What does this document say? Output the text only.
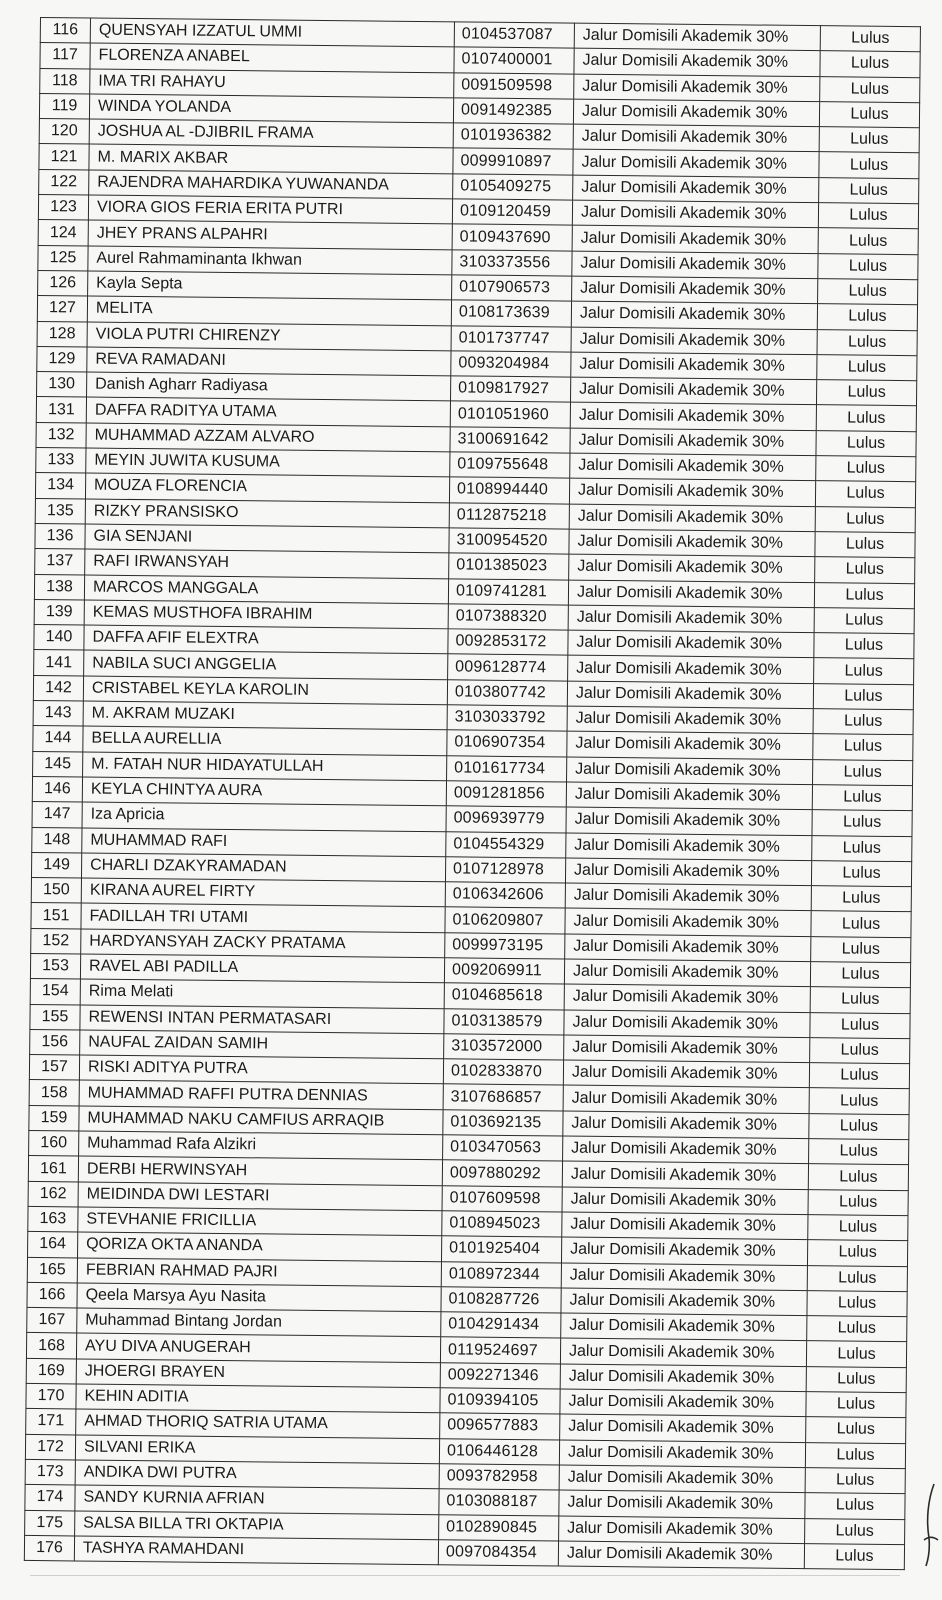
116	QUENSYAH IZZATUL UMMI	0104537087	Jalur Domisili Akademik 30%	Lulus
117	FLORENZA ANABEL	0107400001	Jalur Domisili Akademik 30%	Lulus
118	IMA TRI RAHAYU	0091509598	Jalur Domisili Akademik 30%	Lulus
119	WINDA YOLANDA	0091492385	Jalur Domisili Akademik 30%	Lulus
120	JOSHUA AL -DJIBRIL FRAMA	0101936382	Jalur Domisili Akademik 30%	Lulus
121	M. MARIX AKBAR	0099910897	Jalur Domisili Akademik 30%	Lulus
122	RAJENDRA MAHARDIKA YUWANANDA	0105409275	Jalur Domisili Akademik 30%	Lulus
123	VIORA GIOS FERIA ERITA PUTRI	0109120459	Jalur Domisili Akademik 30%	Lulus
124	JHEY PRANS ALPAHRI	0109437690	Jalur Domisili Akademik 30%	Lulus
125	Aurel Rahmaminanta Ikhwan	3103373556	Jalur Domisili Akademik 30%	Lulus
126	Kayla Septa	0107906573	Jalur Domisili Akademik 30%	Lulus
127	MELITA	0108173639	Jalur Domisili Akademik 30%	Lulus
128	VIOLA PUTRI CHIRENZY	0101737747	Jalur Domisili Akademik 30%	Lulus
129	REVA RAMADANI	0093204984	Jalur Domisili Akademik 30%	Lulus
130	Danish Agharr Radiyasa	0109817927	Jalur Domisili Akademik 30%	Lulus
131	DAFFA RADITYA UTAMA	0101051960	Jalur Domisili Akademik 30%	Lulus
132	MUHAMMAD AZZAM ALVARO	3100691642	Jalur Domisili Akademik 30%	Lulus
133	MEYIN JUWITA KUSUMA	0109755648	Jalur Domisili Akademik 30%	Lulus
134	MOUZA FLORENCIA	0108994440	Jalur Domisili Akademik 30%	Lulus
135	RIZKY PRANSISKO	0112875218	Jalur Domisili Akademik 30%	Lulus
136	GIA SENJANI	3100954520	Jalur Domisili Akademik 30%	Lulus
137	RAFI IRWANSYAH	0101385023	Jalur Domisili Akademik 30%	Lulus
138	MARCOS MANGGALA	0109741281	Jalur Domisili Akademik 30%	Lulus
139	KEMAS MUSTHOFA IBRAHIM	0107388320	Jalur Domisili Akademik 30%	Lulus
140	DAFFA AFIF ELEXTRA	0092853172	Jalur Domisili Akademik 30%	Lulus
141	NABILA SUCI ANGGELIA	0096128774	Jalur Domisili Akademik 30%	Lulus
142	CRISTABEL KEYLA KAROLIN	0103807742	Jalur Domisili Akademik 30%	Lulus
143	M. AKRAM MUZAKI	3103033792	Jalur Domisili Akademik 30%	Lulus
144	BELLA AURELLIA	0106907354	Jalur Domisili Akademik 30%	Lulus
145	M. FATAH NUR HIDAYATULLAH	0101617734	Jalur Domisili Akademik 30%	Lulus
146	KEYLA CHINTYA AURA	0091281856	Jalur Domisili Akademik 30%	Lulus
147	Iza Apricia	0096939779	Jalur Domisili Akademik 30%	Lulus
148	MUHAMMAD RAFI	0104554329	Jalur Domisili Akademik 30%	Lulus
149	CHARLI DZAKYRAMADAN	0107128978	Jalur Domisili Akademik 30%	Lulus
150	KIRANA AUREL FIRTY	0106342606	Jalur Domisili Akademik 30%	Lulus
151	FADILLAH TRI UTAMI	0106209807	Jalur Domisili Akademik 30%	Lulus
152	HARDYANSYAH ZACKY PRATAMA	0099973195	Jalur Domisili Akademik 30%	Lulus
153	RAVEL ABI PADILLA	0092069911	Jalur Domisili Akademik 30%	Lulus
154	Rima Melati	0104685618	Jalur Domisili Akademik 30%	Lulus
155	REWENSI INTAN PERMATASARI	0103138579	Jalur Domisili Akademik 30%	Lulus
156	NAUFAL ZAIDAN SAMIH	3103572000	Jalur Domisili Akademik 30%	Lulus
157	RISKI ADITYA PUTRA	0102833870	Jalur Domisili Akademik 30%	Lulus
158	MUHAMMAD RAFFI PUTRA DENNIAS	3107686857	Jalur Domisili Akademik 30%	Lulus
159	MUHAMMAD NAKU CAMFIUS ARRAQIB	0103692135	Jalur Domisili Akademik 30%	Lulus
160	Muhammad Rafa Alzikri	0103470563	Jalur Domisili Akademik 30%	Lulus
161	DERBI HERWINSYAH	0097880292	Jalur Domisili Akademik 30%	Lulus
162	MEIDINDA DWI LESTARI	0107609598	Jalur Domisili Akademik 30%	Lulus
163	STEVHANIE FRICILLIA	0108945023	Jalur Domisili Akademik 30%	Lulus
164	QORIZA OKTA ANANDA	0101925404	Jalur Domisili Akademik 30%	Lulus
165	FEBRIAN RAHMAD PAJRI	0108972344	Jalur Domisili Akademik 30%	Lulus
166	Qeela Marsya Ayu Nasita	0108287726	Jalur Domisili Akademik 30%	Lulus
167	Muhammad Bintang Jordan	0104291434	Jalur Domisili Akademik 30%	Lulus
168	AYU DIVA ANUGERAH	0119524697	Jalur Domisili Akademik 30%	Lulus
169	JHOERGI BRAYEN	0092271346	Jalur Domisili Akademik 30%	Lulus
170	KEHIN ADITIA	0109394105	Jalur Domisili Akademik 30%	Lulus
171	AHMAD THORIQ SATRIA UTAMA	0096577883	Jalur Domisili Akademik 30%	Lulus
172	SILVANI ERIKA	0106446128	Jalur Domisili Akademik 30%	Lulus
173	ANDIKA DWI PUTRA	0093782958	Jalur Domisili Akademik 30%	Lulus
174	SANDY KURNIA AFRIAN	0103088187	Jalur Domisili Akademik 30%	Lulus
175	SALSA BILLA TRI OKTAPIA	0102890845	Jalur Domisili Akademik 30%	Lulus
176	TASHYA RAMAHDANI	0097084354	Jalur Domisili Akademik 30%	Lulus
